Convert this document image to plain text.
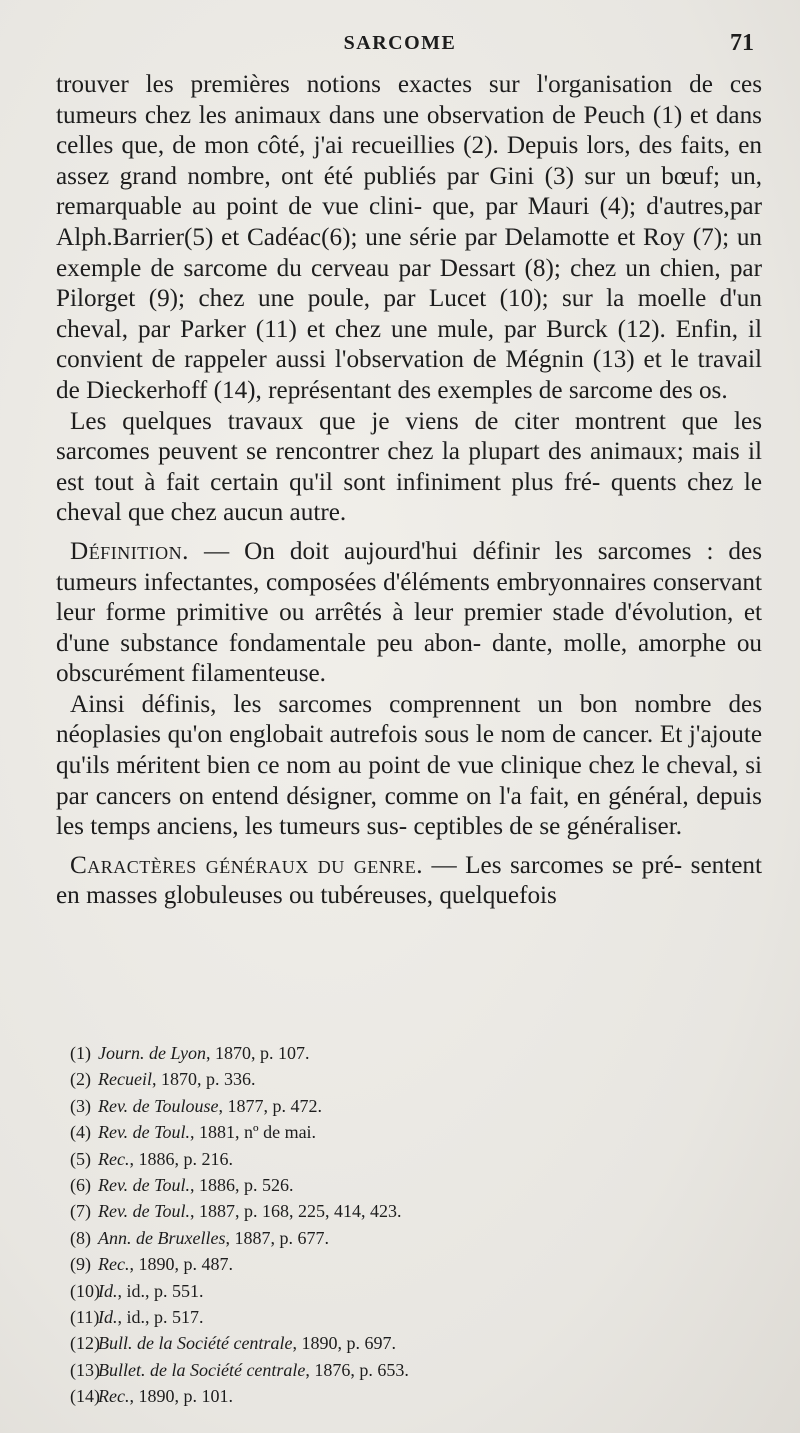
SARCOME	71

trouver les premières notions exactes sur l'organisation de ces tumeurs chez les animaux dans une observation de Peuch (1) et dans celles que, de mon côté, j'ai recueillies (2). Depuis lors, des faits, en assez grand nombre, ont été publiés par Gini (3) sur un bœuf; un, remarquable au point de vue clini- que, par Mauri (4); d'autres,par Alph.Barrier(5) et Cadéac(6); une série par Delamotte et Roy (7); un exemple de sarcome du cerveau par Dessart (8); chez un chien, par Pilorget (9); chez une poule, par Lucet (10); sur la moelle d'un cheval, par Parker (11) et chez une mule, par Burck (12). Enfin, il convient de rappeler aussi l'observation de Mégnin (13) et le travail de Dieckerhoff (14), représentant des exemples de sarcome des os.

Les quelques travaux que je viens de citer montrent que les sarcomes peuvent se rencontrer chez la plupart des animaux; mais il est tout à fait certain qu'il sont infiniment plus fré- quents chez le cheval que chez aucun autre.

Définition. — On doit aujourd'hui définir les sarcomes : des tumeurs infectantes, composées d'éléments embryonnaires conservant leur forme primitive ou arrêtés à leur premier stade d'évolution, et d'une substance fondamentale peu abon- dante, molle, amorphe ou obscurément filamenteuse.

Ainsi définis, les sarcomes comprennent un bon nombre des néoplasies qu'on englobait autrefois sous le nom de cancer. Et j'ajoute qu'ils méritent bien ce nom au point de vue clinique chez le cheval, si par cancers on entend désigner, comme on l'a fait, en général, depuis les temps anciens, les tumeurs sus- ceptibles de se généraliser.

Caractères généraux du genre. — Les sarcomes se pré- sentent en masses globuleuses ou tubéreuses, quelquefois

(1) Journ. de Lyon, 1870, p. 107.
(2) Recueil, 1870, p. 336.
(3) Rev. de Toulouse, 1877, p. 472.
(4) Rev. de Toul., 1881, nº de mai.
(5) Rec., 1886, p. 216.
(6) Rev. de Toul., 1886, p. 526.
(7) Rev. de Toul., 1887, p. 168, 225, 414, 423.
(8) Ann. de Bruxelles, 1887, p. 677.
(9) Rec., 1890, p. 487.
(10)Id., id., p. 551.
(11)Id., id., p. 517.
(12)Bull. de la Société centrale, 1890, p. 697.
(13)Bullet. de la Société centrale, 1876, p. 653.
(14)Rec., 1890, p. 101.
